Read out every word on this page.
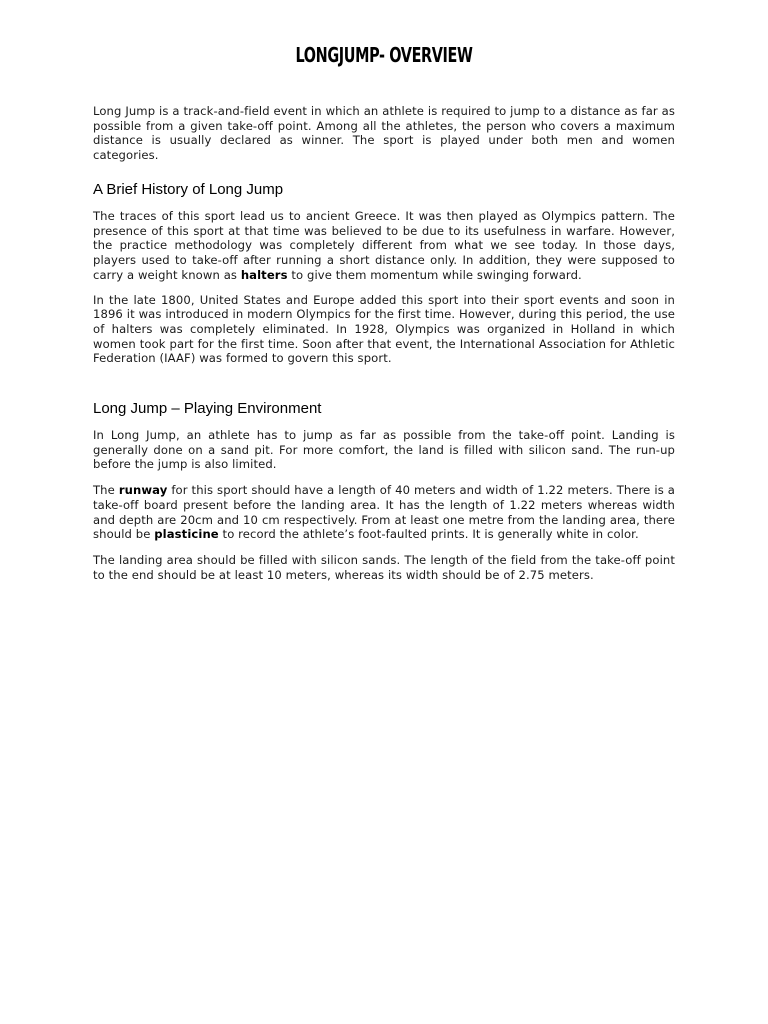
LONGJUMP- OVERVIEW

Long Jump is a track-and-field event in which an athlete is required to jump to a distance as far as possible from a given take-off point. Among all the athletes, the person who covers a maximum distance is usually declared as winner. The sport is played under both men and women categories.

A Brief History of Long Jump

The traces of this sport lead us to ancient Greece. It was then played as Olympics pattern. The presence of this sport at that time was believed to be due to its usefulness in warfare. However, the practice methodology was completely different from what we see today. In those days, players used to take-off after running a short distance only. In addition, they were supposed to carry a weight known as halters to give them momentum while swinging forward.

In the late 1800, United States and Europe added this sport into their sport events and soon in 1896 it was introduced in modern Olympics for the first time. However, during this period, the use of halters was completely eliminated. In 1928, Olympics was organized in Holland in which women took part for the first time. Soon after that event, the International Association for Athletic Federation (IAAF) was formed to govern this sport.

Long Jump – Playing Environment

In Long Jump, an athlete has to jump as far as possible from the take-off point. Landing is generally done on a sand pit. For more comfort, the land is filled with silicon sand. The run-up before the jump is also limited.

The runway for this sport should have a length of 40 meters and width of 1.22 meters. There is a take-off board present before the landing area. It has the length of 1.22 meters whereas width and depth are 20cm and 10 cm respectively. From at least one metre from the landing area, there should be plasticine to record the athlete’s foot-faulted prints. It is generally white in color.

The landing area should be filled with silicon sands. The length of the field from the take-off point to the end should be at least 10 meters, whereas its width should be of 2.75 meters.
